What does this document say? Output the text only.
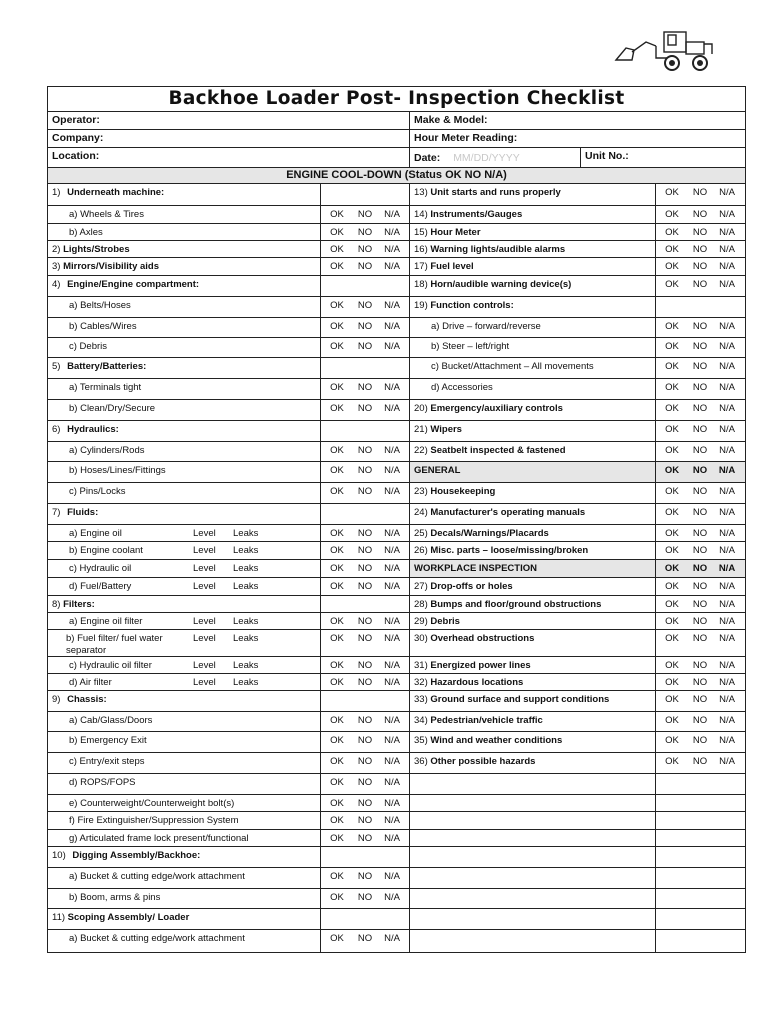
Backhoe Loader Post- Inspection Checklist
Operator:	Make & Model:
Company:	Hour Meter Reading:
Location:	Date: MM/DD/YYYY	Unit No.:
ENGINE COOL-DOWN (Status OK NO N/A)
1) Underneath machine:
a) Wheels & Tires	OK	NO	N/A
b) Axles	OK	NO	N/A
2) Lights/Strobes	OK	NO	N/A
3) Mirrors/Visibility aids	OK	NO	N/A
4) Engine/Engine compartment:
a) Belts/Hoses	OK	NO	N/A
b) Cables/Wires	OK	NO	N/A
c) Debris	OK	NO	N/A
5) Battery/Batteries:
a) Terminals tight	OK	NO	N/A
b) Clean/Dry/Secure	OK	NO	N/A
6) Hydraulics:
a) Cylinders/Rods	OK	NO	N/A
b) Hoses/Lines/Fittings	OK	NO	N/A
c) Pins/Locks	OK	NO	N/A
7) Fluids:
a) Engine oil	Level Leaks	OK	NO	N/A
b) Engine coolant	Level Leaks	OK	NO	N/A
c) Hydraulic oil	Level Leaks	OK	NO	N/A
d) Fuel/Battery	Level Leaks	OK	NO	N/A
8) Filters:
a) Engine oil filter	Level Leaks	OK	NO	N/A
b) Fuel filter/ fuel water separator
Level Leaks	OK	NO	N/A
c) Hydraulic oil filter	Level Leaks	OK	NO	N/A
d) Air filter	Level Leaks	OK	NO	N/A
9) Chassis:
a) Cab/Glass/Doors	OK	NO	N/A
b) Emergency Exit	OK	NO	N/A
c) Entry/exit steps	OK	NO	N/A
d) ROPS/FOPS	OK	NO	N/A
e) Counterweight/Counterweight bolt(s)	OK	NO	N/A
f) Fire Extinguisher/Suppression System	OK	NO	N/A
g) Articulated frame lock present/functional	OK	NO	N/A
10) Digging Assembly/Backhoe:
a) Bucket & cutting edge/work attachment	OK	NO	N/A
b) Boom, arms & pins	OK	NO	N/A
11) Scoping Assembly/ Loader
a) Bucket & cutting edge/work attachment	OK	NO	N/A
13) Unit starts and runs properly	OK	NO	N/A
14) Instruments/Gauges	OK	NO	N/A
15) Hour Meter	OK	NO	N/A
16) Warning lights/audible alarms	OK	NO	N/A
17) Fuel level	OK	NO	N/A
18) Horn/audible warning device(s)	OK	NO	N/A
19) Function controls:
a) Drive – forward/reverse	OK	NO	N/A
b) Steer – left/right	OK	NO	N/A
c) Bucket/Attachment – All movements	OK	NO	N/A
d) Accessories	OK	NO	N/A
20) Emergency/auxiliary controls	OK	NO	N/A
21) Wipers	OK	NO	N/A
22) Seatbelt inspected & fastened	OK	NO	N/A
GENERAL	OK	NO	N/A
23) Housekeeping	OK	NO	N/A
24) Manufacturer's operating manuals	OK	NO	N/A
25) Decals/Warnings/Placards	OK	NO	N/A
26) Misc. parts – loose/missing/broken	OK	NO	N/A
WORKPLACE INSPECTION	OK	NO	N/A
27) Drop-offs or holes	OK	NO	N/A
28) Bumps and floor/ground obstructions	OK	NO	N/A
29) Debris	OK	NO	N/A
30) Overhead obstructions	OK	NO	N/A
31) Energized power lines	OK	NO	N/A
32) Hazardous locations	OK	NO	N/A
33) Ground surface and support conditions	OK	NO	N/A
34) Pedestrian/vehicle traffic	OK	NO	N/A
35) Wind and weather conditions	OK	NO	N/A
36) Other possible hazards	OK	NO	N/A
